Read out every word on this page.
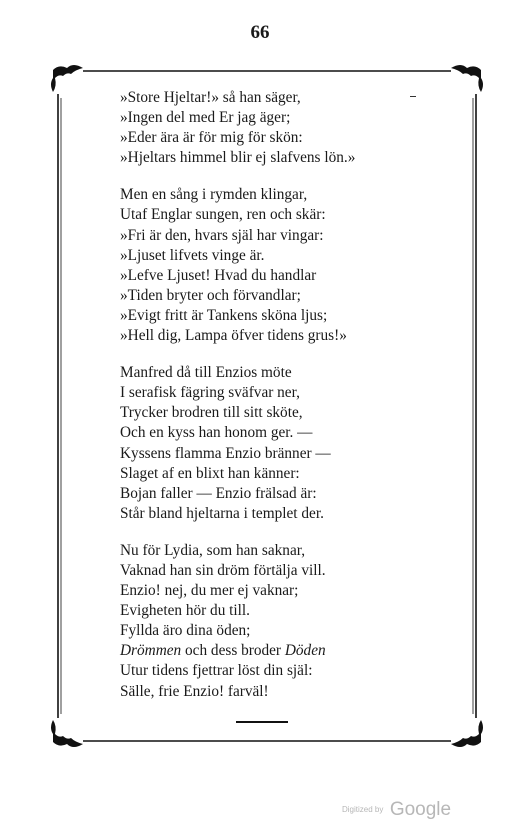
66
»Store Hjeltar!» så han säger,
»Ingen del med Er jag äger;
»Eder ära är för mig för skön:
»Hjeltars himmel blir ej slafvens lön.»
Men en sång i rymden klingar,
Utaf Englar sungen, ren och skär:
»Fri är den, hvars själ har vingar:
»Ljuset lifvets vinge är.
»Lefve Ljuset! Hvad du handlar
»Tiden bryter och förvandlar;
»Evigt fritt är Tankens sköna ljus;
»Hell dig, Lampa öfver tidens grus!»
Manfred då till Enzios möte
I serafisk fägring sväfvar ner,
Trycker brodren till sitt sköte,
Och en kyss han honom ger. —
Kyssens flamma Enzio bränner —
Slaget af en blixt han känner:
Bojan faller — Enzio frälsad är:
Står bland hjeltarna i templet der.
Nu för Lydia, som han saknar,
Vaknad han sin dröm förtälja vill.
Enzio! nej, du mer ej vaknar;
Evigheten hör du till.
Fyllda äro dina öden;
Drömmen och dess broder Döden
Utur tidens fjettrar löst din själ:
Sälle, frie Enzio! farväl!
Digitized by Google
